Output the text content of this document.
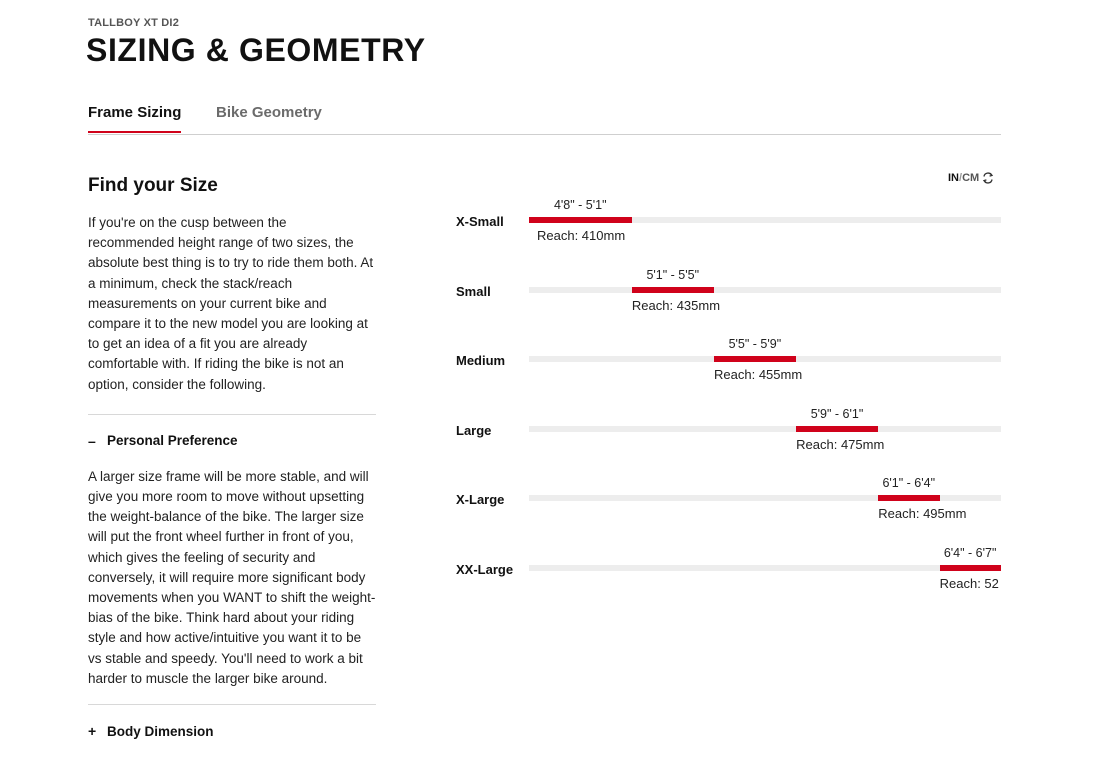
TALLBOY XT DI2
SIZING & GEOMETRY
Frame Sizing Bike Geometry
Find your Size

If you're on the cusp between the recommended height range of two sizes, the absolute best thing is to try to ride them both. At a minimum, check the stack/reach measurements on your current bike and compare it to the new model you are looking at to get an idea of a fit you are already comfortable with. If riding the bike is not an option, consider the following.

– Personal Preference

A larger size frame will be more stable, and will give you more room to move without upsetting the weight-balance of the bike. The larger size will put the front wheel further in front of you, which gives the feeling of security and conversely, it will require more significant body movements when you WANT to shift the weight-bias of the bike. Think hard about your riding style and how active/intuitive you want it to be vs stable and speedy. You'll need to work a bit harder to muscle the larger bike around.

+ Body Dimension
IN / CM
X-Small
4'8" - 5'1"
Reach: 410mm
Small
5'1" - 5'5"
Reach: 435mm
Medium
5'5" - 5'9"
Reach: 455mm
Large
5'9" - 6'1"
Reach: 475mm
X-Large
6'1" - 6'4"
Reach: 495mm
XX-Large
6'4" - 6'7"
Reach: 52
